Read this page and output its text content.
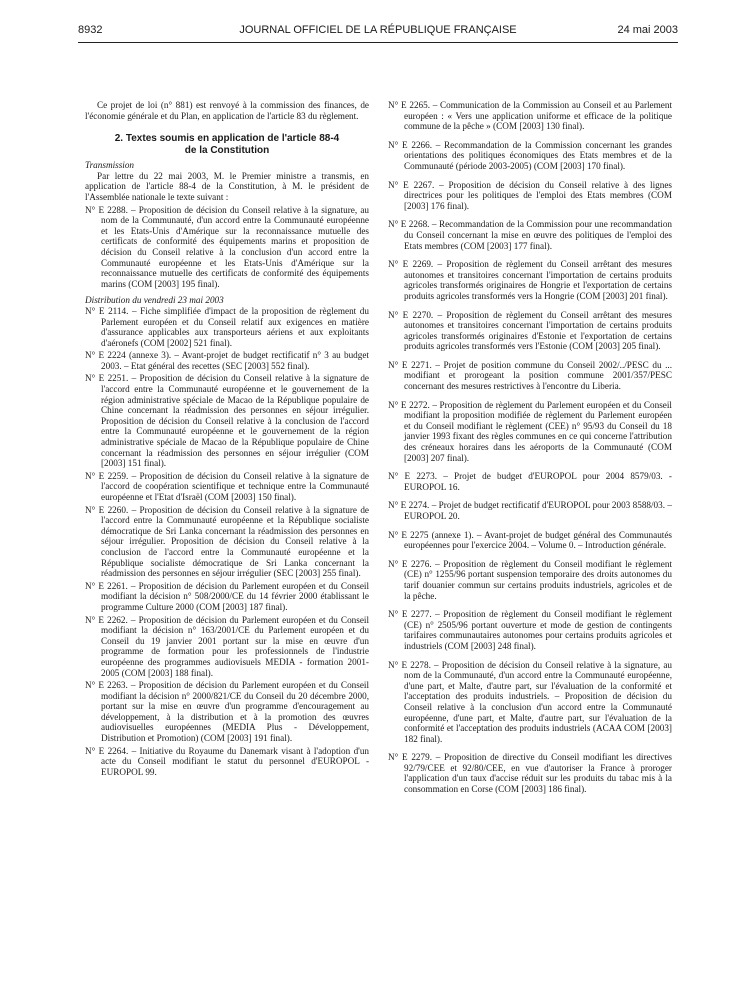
8932	JOURNAL OFFICIEL DE LA RÉPUBLIQUE FRANÇAISE	24 mai 2003

Ce projet de loi (n° 881) est renvoyé à la commission des finances, de l'économie générale et du Plan, en application de l'article 83 du règlement.

2. Textes soumis en application de l'article 88-4
de la Constitution

Transmission

Par lettre du 22 mai 2003, M. le Premier ministre a transmis, en application de l'article 88-4 de la Constitution, à M. le président de l'Assemblée nationale le texte suivant :

N° E 2288. – Proposition de décision du Conseil relative à la signature, au nom de la Communauté, d'un accord entre la Communauté européenne et les Etats-Unis d'Amérique sur la reconnaissance mutuelle des certificats de conformité des équipements marins et proposition de décision du Conseil relative à la conclusion d'un accord entre la Communauté européenne et les Etats-Unis d'Amérique sur la reconnaissance mutuelle des certificats de conformité des équipements marins (COM [2003] 195 final).

Distribution du vendredi 23 mai 2003

N° E 2114. – Fiche simplifiée d'impact de la proposition de règlement du Parlement européen et du Conseil relatif aux exigences en matière d'assurance applicables aux transporteurs aériens et aux exploitants d'aéronefs (COM [2002] 521 final).

N° E 2224 (annexe 3). – Avant-projet de budget rectificatif n° 3 au budget 2003. – Etat général des recettes (SEC [2003] 552 final).

N° E 2251. – Proposition de décision du Conseil relative à la signature de l'accord entre la Communauté européenne et le gouvernement de la région administrative spéciale de Macao de la République populaire de Chine concernant la réadmission des personnes en séjour irrégulier. Proposition de décision du Conseil relative à la conclusion de l'accord entre la Communauté européenne et le gouvernement de la région administrative spéciale de Macao de la République populaire de Chine concernant la réadmission des personnes en séjour irrégulier (COM [2003] 151 final).

N° E 2259. – Proposition de décision du Conseil relative à la signature de l'accord de coopération scientifique et technique entre la Communauté européenne et l'Etat d'Israël (COM [2003] 150 final).

N° E 2260. – Proposition de décision du Conseil relative à la signature de l'accord entre la Communauté européenne et la République socialiste démocratique de Sri Lanka concernant la réadmission des personnes en séjour irrégulier. Proposition de décision du Conseil relative à la conclusion de l'accord entre la Communauté européenne et la République socialiste démocratique de Sri Lanka concernant la réadmission des personnes en séjour irrégulier (SEC [2003] 255 final).

N° E 2261. – Proposition de décision du Parlement européen et du Conseil modifiant la décision n° 508/2000/CE du 14 février 2000 établissant le programme Culture 2000 (COM [2003] 187 final).

N° E 2262. – Proposition de décision du Parlement européen et du Conseil modifiant la décision n° 163/2001/CE du Parlement européen et du Conseil du 19 janvier 2001 portant sur la mise en œuvre d'un programme de formation pour les professionnels de l'industrie européenne des programmes audiovisuels MEDIA - formation 2001-2005 (COM [2003] 188 final).

N° E 2263. – Proposition de décision du Parlement européen et du Conseil modifiant la décision n° 2000/821/CE du Conseil du 20 décembre 2000, portant sur la mise en œuvre d'un programme d'encouragement au développement, à la distribution et à la promotion des œuvres audiovisuelles européennes (MEDIA Plus - Développement, Distribution et Promotion) (COM [2003] 191 final).

N° E 2264. – Initiative du Royaume du Danemark visant à l'adoption d'un acte du Conseil modifiant le statut du personnel d'EUROPOL - EUROPOL 99.

N° E 2265. – Communication de la Commission au Conseil et au Parlement européen : « Vers une application uniforme et efficace de la politique commune de la pêche » (COM [2003] 130 final).

N° E 2266. – Recommandation de la Commission concernant les grandes orientations des politiques économiques des Etats membres et de la Communauté (période 2003-2005) (COM [2003] 170 final).

N° E 2267. – Proposition de décision du Conseil relative à des lignes directrices pour les politiques de l'emploi des Etats membres (COM [2003] 176 final).

N° E 2268. – Recommandation de la Commission pour une recommandation du Conseil concernant la mise en œuvre des politiques de l'emploi des Etats membres (COM [2003] 177 final).

N° E 2269. – Proposition de règlement du Conseil arrêtant des mesures autonomes et transitoires concernant l'importation de certains produits agricoles transformés originaires de Hongrie et l'exportation de certains produits agricoles transformés vers la Hongrie (COM [2003] 201 final).

N° E 2270. – Proposition de règlement du Conseil arrêtant des mesures autonomes et transitoires concernant l'importation de certains produits agricoles transformés originaires d'Estonie et l'exportation de certains produits agricoles transformés vers l'Estonie (COM [2003] 205 final).

N° E 2271. – Projet de position commune du Conseil 2002/../PESC du ... modifiant et prorogeant la position commune 2001/357/PESC concernant des mesures restrictives à l'encontre du Liberia.

N° E 2272. – Proposition de règlement du Parlement européen et du Conseil modifiant la proposition modifiée de règlement du Parlement européen et du Conseil modifiant le règlement (CEE) n° 95/93 du Conseil du 18 janvier 1993 fixant des règles communes en ce qui concerne l'attribution des créneaux horaires dans les aéroports de la Communauté (COM [2003] 207 final).

N° E 2273. – Projet de budget d'EUROPOL pour 2004 8579/03. - EUROPOL 16.

N° E 2274. – Projet de budget rectificatif d'EUROPOL pour 2003 8588/03. – EUROPOL 20.

N° E 2275 (annexe 1). – Avant-projet de budget général des Communautés européennes pour l'exercice 2004. – Volume 0. – Introduction générale.

N° E 2276. – Proposition de règlement du Conseil modifiant le règlement (CE) n° 1255/96 portant suspension temporaire des droits autonomes du tarif douanier commun sur certains produits industriels, agricoles et de la pêche.

N° E 2277. – Proposition de règlement du Conseil modifiant le règlement (CE) n° 2505/96 portant ouverture et mode de gestion de contingents tarifaires communautaires autonomes pour certains produits agricoles et industriels (COM [2003] 248 final).

N° E 2278. – Proposition de décision du Conseil relative à la signature, au nom de la Communauté, d'un accord entre la Communauté européenne, d'une part, et Malte, d'autre part, sur l'évaluation de la conformité et l'acceptation des produits industriels. – Proposition de décision du Conseil relative à la conclusion d'un accord entre la Communauté européenne, d'une part, et Malte, d'autre part, sur l'évaluation de la conformité et l'acceptation des produits industriels (ACAA COM [2003] 182 final).

N° E 2279. – Proposition de directive du Conseil modifiant les directives 92/79/CEE et 92/80/CEE, en vue d'autoriser la France à proroger l'application d'un taux d'accise réduit sur les produits du tabac mis à la consommation en Corse (COM [2003] 186 final).
